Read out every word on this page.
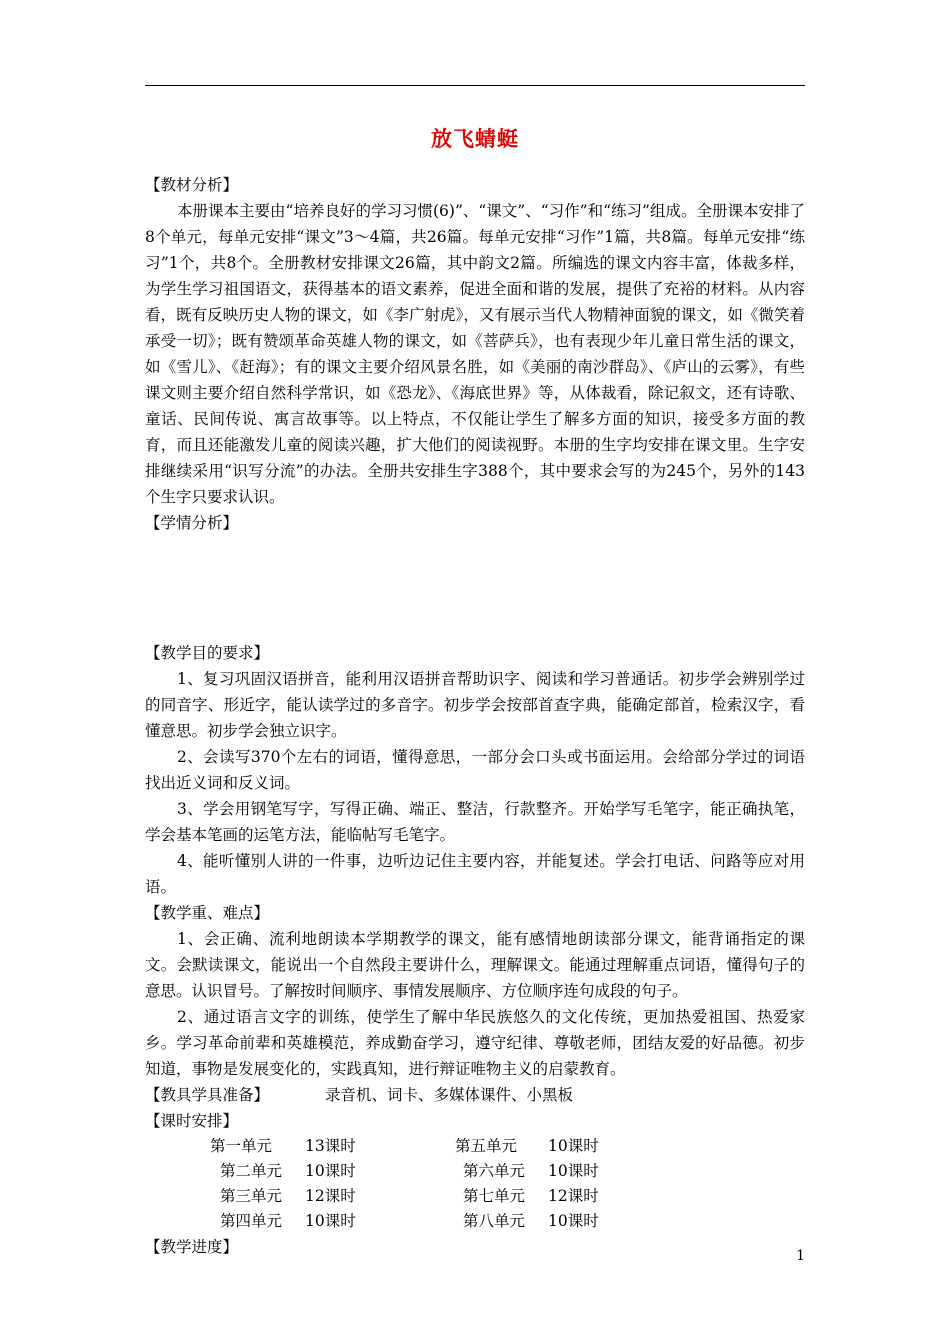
放飞蜻蜓

【教材分析】

本册课本主要由“培养良好的学习习惯(6)”、“课文”、“习作”和“练习”组成。全册课本安排了8个单元，每单元安排“课文”3～4篇，共26篇。每单元安排“习作”1篇，共8篇。每单元安排“练习”1个，共8个。全册教材安排课文26篇，其中韵文2篇。所编选的课文内容丰富，体裁多样，为学生学习祖国语文，获得基本的语文素养，促进全面和谐的发展，提供了充裕的材料。从内容看，既有反映历史人物的课文，如《李广射虎》，又有展示当代人物精神面貌的课文，如《微笑着承受一切》；既有赞颂革命英雄人物的课文，如《菩萨兵》，也有表现少年儿童日常生活的课文，如《雪儿》、《赶海》；有的课文主要介绍风景名胜，如《美丽的南沙群岛》、《庐山的云雾》，有些课文则主要介绍自然科学常识，如《恐龙》、《海底世界》等，从体裁看，除记叙文，还有诗歌、童话、民间传说、寓言故事等。以上特点，不仅能让学生了解多方面的知识，接受多方面的教育，而且还能激发儿童的阅读兴趣，扩大他们的阅读视野。本册的生字均安排在课文里。生字安排继续采用“识写分流”的办法。全册共安排生字388个，其中要求会写的为245个，另外的143个生字只要求认识。

【学情分析】

【教学目的要求】

1、复习巩固汉语拼音，能利用汉语拼音帮助识字、阅读和学习普通话。初步学会辨别学过的同音字、形近字，能认读学过的多音字。初步学会按部首查字典，能确定部首，检索汉字，看懂意思。初步学会独立识字。

2、会读写370个左右的词语，懂得意思，一部分会口头或书面运用。会给部分学过的词语找出近义词和反义词。

3、学会用钢笔写字，写得正确、端正、整洁，行款整齐。开始学写毛笔字，能正确执笔，学会基本笔画的运笔方法，能临帖写毛笔字。

4、能听懂别人讲的一件事，边听边记住主要内容，并能复述。学会打电话、问路等应对用语。

【教学重、难点】

1、会正确、流利地朗读本学期教学的课文，能有感情地朗读部分课文，能背诵指定的课文。会默读课文，能说出一个自然段主要讲什么，理解课文。能通过理解重点词语，懂得句子的意思。认识冒号。了解按时间顺序、事情发展顺序、方位顺序连句成段的句子。

2、通过语言文字的训练，使学生了解中华民族悠久的文化传统，更加热爱祖国、热爱家乡。学习革命前辈和英雄模范，养成勤奋学习，遵守纪律、尊敬老师，团结友爱的好品德。初步知道，事物是发展变化的，实践真知，进行辩证唯物主义的启蒙教育。

【教具学具准备】	录音机、词卡、多媒体课件、小黑板

【课时安排】

第一单元	13课时	第五单元	10课时
第二单元	10课时	第六单元	10课时
第三单元	12课时	第七单元	12课时
第四单元	10课时	第八单元	10课时

【教学进度】	1
